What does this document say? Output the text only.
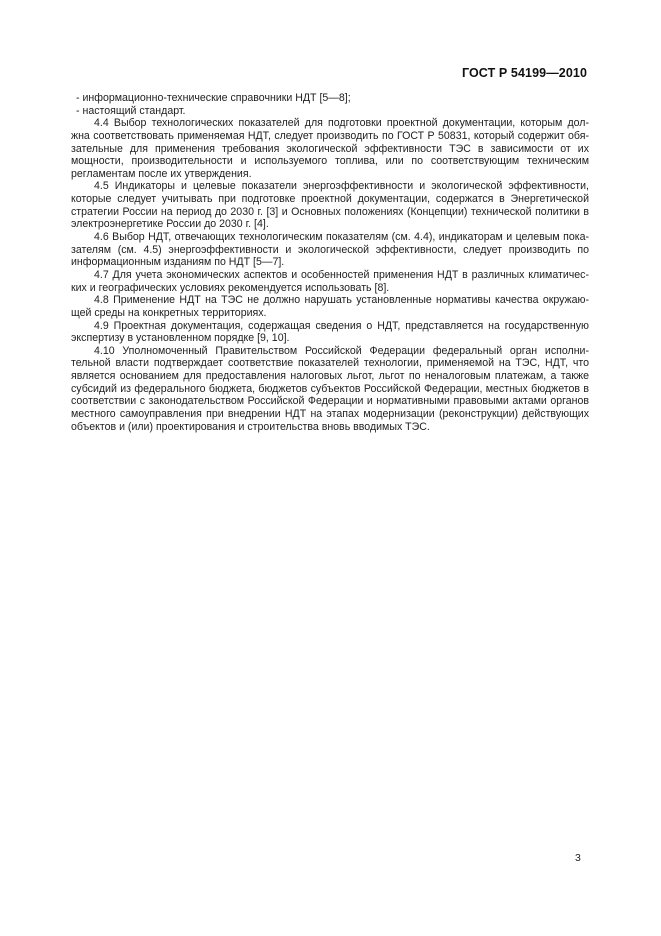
ГОСТ Р 54199—2010
- информационно-технические справочники НДТ [5—8];
- настоящий стандарт.
4.4 Выбор технологических показателей для подготовки проектной документации, которым дол-
жна соответствовать применяемая НДТ, следует производить по ГОСТ Р 50831, который содержит обя-
зательные для применения требования экологической эффективности ТЭС в зависимости от их
мощности, производительности и используемого топлива, или по соответствующим техническим
регламентам после их утверждения.
4.5 Индикаторы и целевые показатели энергоэффективности и экологической эффективности,
которые следует учитывать при подготовке проектной документации, содержатся в Энергетической
стратегии России на период до 2030 г. [3] и Основных положениях (Концепции) технической политики в
электроэнергетике России до 2030 г. [4].
4.6 Выбор НДТ, отвечающих технологическим показателям (см. 4.4), индикаторам и целевым пока-
зателям (см. 4.5) энергоэффективности и экологической эффективности, следует производить по
информационным изданиям по НДТ [5—7].
4.7 Для учета экономических аспектов и особенностей применения НДТ в различных климатичес-
ких и географических условиях рекомендуется использовать [8].
4.8 Применение НДТ на ТЭС не должно нарушать установленные нормативы качества окружаю-
щей среды на конкретных территориях.
4.9 Проектная документация, содержащая сведения о НДТ, представляется на государственную
экспертизу в установленном порядке [9, 10].
4.10 Уполномоченный Правительством Российской Федерации федеральный орган исполни-
тельной власти подтверждает соответствие показателей технологии, применяемой на ТЭС, НДТ, что
является основанием для предоставления налоговых льгот, льгот по неналоговым платежам, а также
субсидий из федерального бюджета, бюджетов субъектов Российской Федерации, местных бюджетов в
соответствии с законодательством Российской Федерации и нормативными правовыми актами органов
местного самоуправления при внедрении НДТ на этапах модернизации (реконструкции) действующих
объектов и (или) проектирования и строительства вновь вводимых ТЭС.
3
